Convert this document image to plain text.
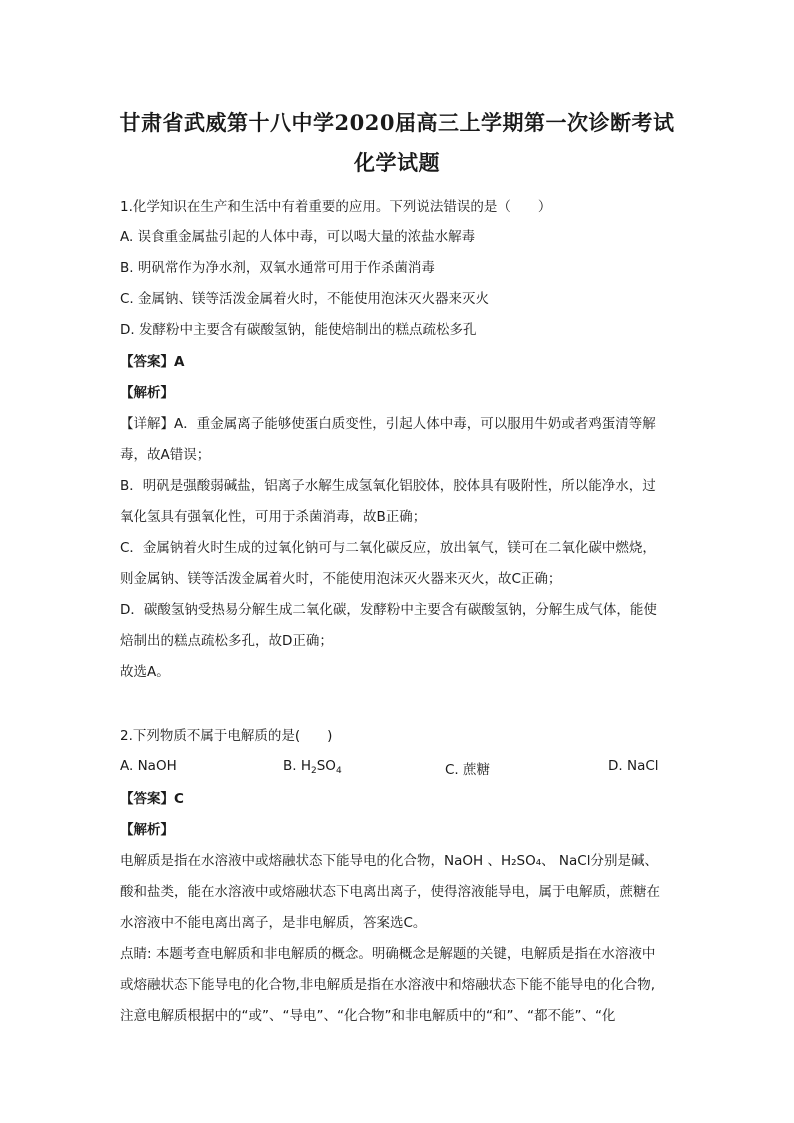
甘肃省武威第十八中学2020届高三上学期第一次诊断考试
化学试题
1.化学知识在生产和生活中有着重要的应用。下列说法错误的是（　　）
A. 误食重金属盐引起的人体中毒，可以喝大量的浓盐水解毒
B. 明矾常作为净水剂，双氧水通常可用于作杀菌消毒
C. 金属钠、镁等活泼金属着火时，不能使用泡沫灭火器来灭火
D. 发酵粉中主要含有碳酸氢钠，能使焙制出的糕点疏松多孔
【答案】A
【解析】
【详解】A．重金属离子能够使蛋白质变性，引起人体中毒，可以服用牛奶或者鸡蛋清等解
毒，故A错误；
B．明矾是强酸弱碱盐，铝离子水解生成氢氧化铝胶体，胶体具有吸附性，所以能净水，过
氧化氢具有强氧化性，可用于杀菌消毒，故B正确；
C．金属钠着火时生成的过氧化钠可与二氧化碳反应，放出氧气，镁可在二氧化碳中燃烧，
则金属钠、镁等活泼金属着火时，不能使用泡沫灭火器来灭火，故C正确；
D．碳酸氢钠受热易分解生成二氧化碳，发酵粉中主要含有碳酸氢钠，分解生成气体，能使
焙制出的糕点疏松多孔，故D正确；
故选A。
2.下列物质不属于电解质的是(　　)
A. NaOH	B. $H_2SO_4$	C. 蔗糖	D. NaCl
【答案】C
【解析】
电解质是指在水溶液中或熔融状态下能导电的化合物，NaOH 、H₂SO₄、 NaCl分别是碱、
酸和盐类，能在水溶液中或熔融状态下电离出离子，使得溶液能导电，属于电解质，蔗糖在
水溶液中不能电离出离子，是非电解质，答案选C。
点睛: 本题考查电解质和非电解质的概念。明确概念是解题的关键，电解质是指在水溶液中
或熔融状态下能导电的化合物,非电解质是指在水溶液中和熔融状态下能不能导电的化合物,
注意电解质根据中的“或”、“导电”、“化合物”和非电解质中的“和”、“都不能”、“化
